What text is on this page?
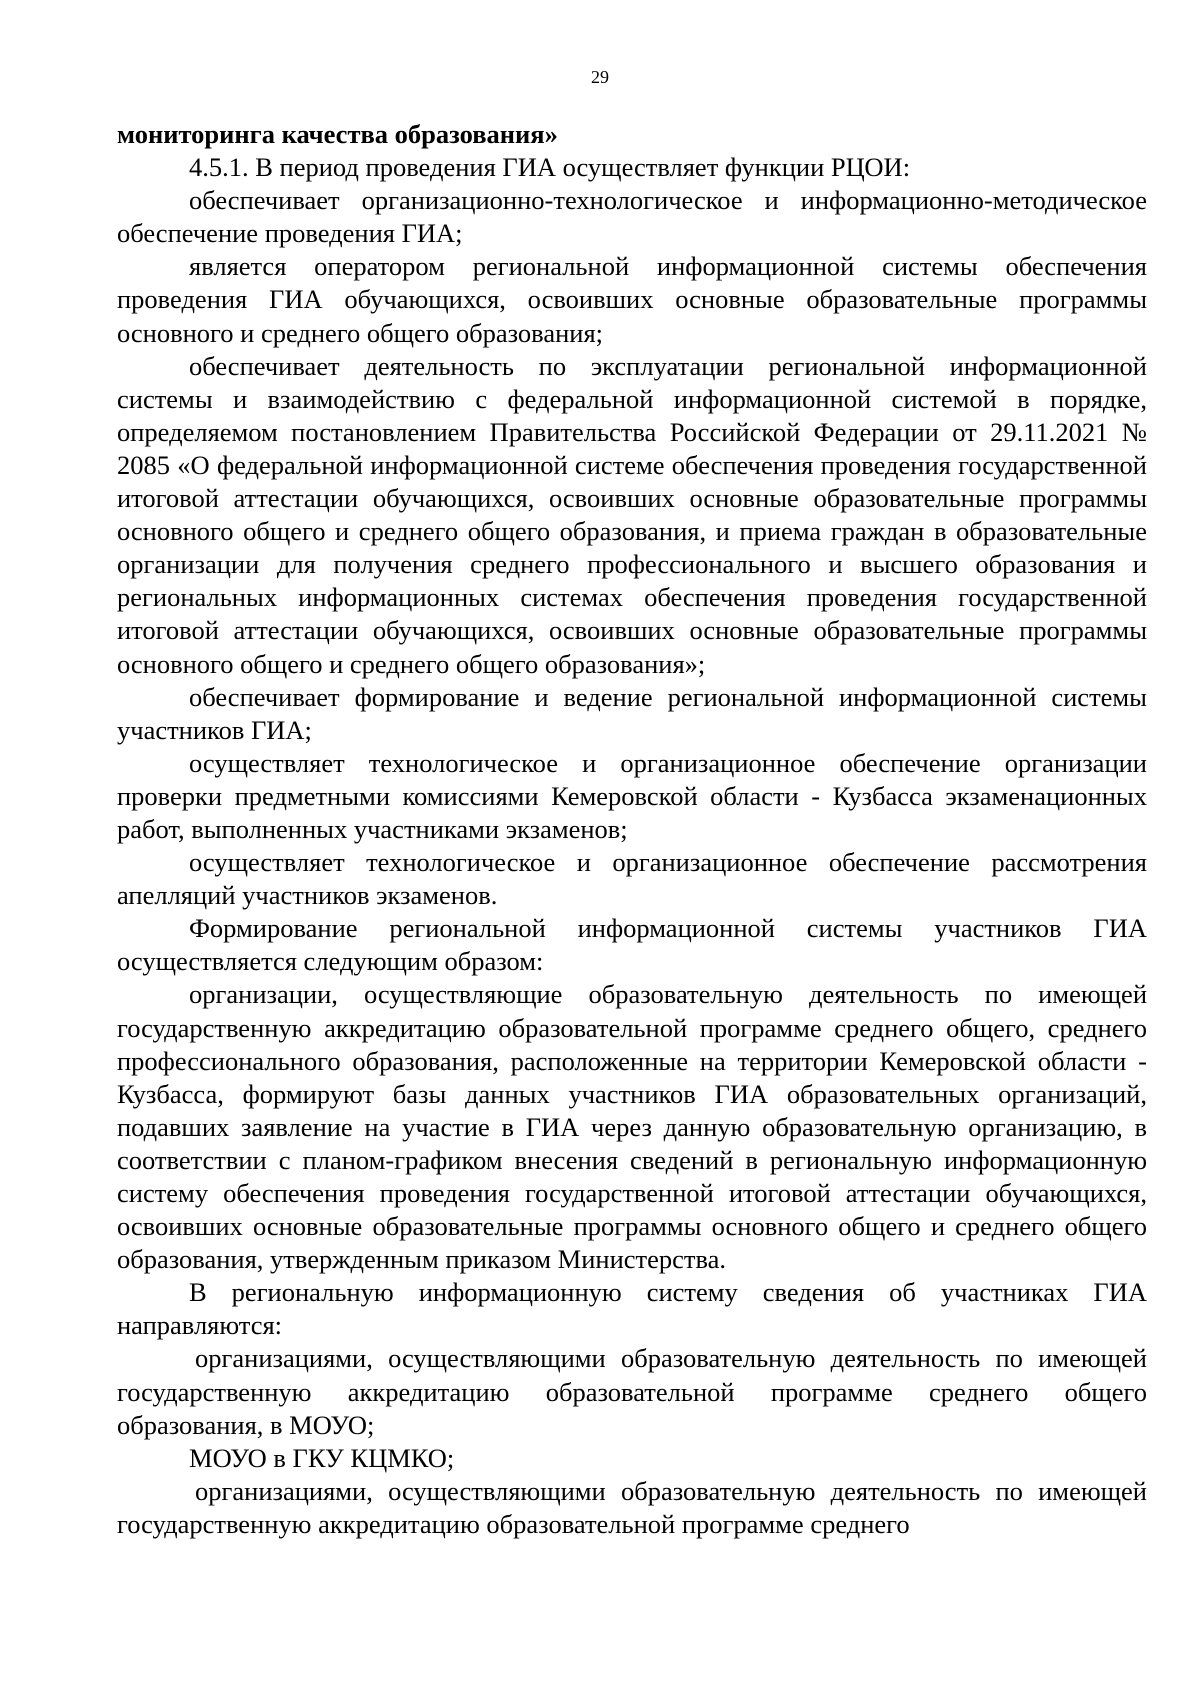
29

мониторинга качества образования»

4.5.1. В период проведения ГИА осуществляет функции РЦОИ:

обеспечивает организационно-технологическое и информационно-методическое обеспечение проведения ГИА;

является оператором региональной информационной системы обеспечения проведения ГИА обучающихся, освоивших основные образовательные программы основного и среднего общего образования;

обеспечивает деятельность по эксплуатации региональной информационной системы и взаимодействию с федеральной информационной системой в порядке, определяемом постановлением Правительства Российской Федерации от 29.11.2021 № 2085 «О федеральной информационной системе обеспечения проведения государственной итоговой аттестации обучающихся, освоивших основные образовательные программы основного общего и среднего общего образования, и приема граждан в образовательные организации для получения среднего профессионального и высшего образования и региональных информационных системах обеспечения проведения государственной итоговой аттестации обучающихся, освоивших основные образовательные программы основного общего и среднего общего образования»;

обеспечивает формирование и ведение региональной информационной системы участников ГИА;

осуществляет технологическое и организационное обеспечение организации проверки предметными комиссиями Кемеровской области - Кузбасса экзаменационных работ, выполненных участниками экзаменов;

осуществляет технологическое и организационное обеспечение рассмотрения апелляций участников экзаменов.

Формирование региональной информационной системы участников ГИА осуществляется следующим образом:

организации, осуществляющие образовательную деятельность по имеющей государственную аккредитацию образовательной программе среднего общего, среднего профессионального образования, расположенные на территории Кемеровской области - Кузбасса, формируют базы данных участников ГИА образовательных организаций, подавших заявление на участие в ГИА через данную образовательную организацию, в соответствии с планом-графиком внесения сведений в региональную информационную систему обеспечения проведения государственной итоговой аттестации обучающихся, освоивших основные образовательные программы основного общего и среднего общего образования, утвержденным приказом Министерства.

В региональную информационную систему сведения об участниках ГИА направляются:

организациями, осуществляющими образовательную деятельность по имеющей государственную аккредитацию образовательной программе среднего общего образования, в МОУО;

МОУО в ГКУ КЦМКО;

организациями, осуществляющими образовательную деятельность по имеющей государственную аккредитацию образовательной программе среднего
